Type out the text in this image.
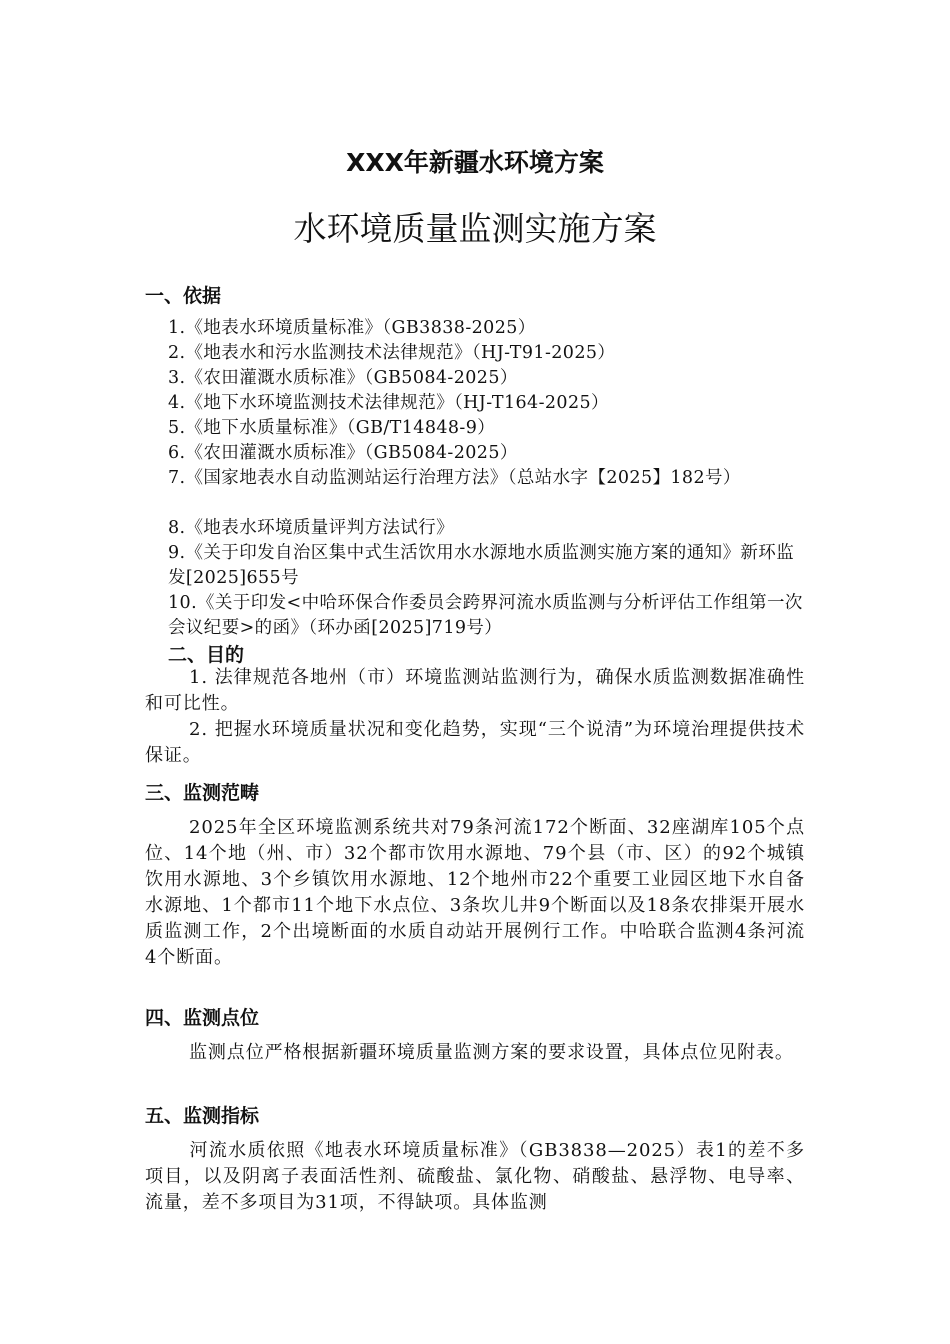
XXX年新疆水环境方案
水环境质量监测实施方案
一、依据
1.《地表水环境质量标准》（GB3838-2025）
2.《地表水和污水监测技术法律规范》（HJ-T91-2025）
3.《农田灌溉水质标准》（GB5084-2025）
4.《地下水环境监测技术法律规范》（HJ-T164-2025）
5.《地下水质量标准》（GB/T14848-9）
6.《农田灌溉水质标准》（GB5084-2025）
7.《国家地表水自动监测站运行治理方法》（总站水字【2025】182号）
8.《地表水环境质量评判方法试行》
9.《关于印发自治区集中式生活饮用水水源地水质监测实施方案的通知》新环监发[2025]655号
10.《关于印发<中哈环保合作委员会跨界河流水质监测与分析评估工作组第一次会议纪要>的函》（环办函[2025]719号）
二、目的
1. 法律规范各地州（市）环境监测站监测行为，确保水质监测数据准确性和可比性。
2. 把握水环境质量状况和变化趋势，实现“三个说清”为环境治理提供技术保证。
三、监测范畴
2025年全区环境监测系统共对79条河流172个断面、32座湖库105个点位、14个地（州、市）32个都市饮用水源地、79个县（市、区）的92个城镇饮用水源地、3个乡镇饮用水源地、12个地州市22个重要工业园区地下水自备水源地、1个都市11个地下水点位、3条坎儿井9个断面以及18条农排渠开展水质监测工作，2个出境断面的水质自动站开展例行工作。中哈联合监测4条河流4个断面。
四、监测点位
监测点位严格根据新疆环境质量监测方案的要求设置，具体点位见附表。
五、监测指标
河流水质依照《地表水环境质量标准》（GB3838—2025）表1的差不多项目，以及阴离子表面活性剂、硫酸盐、氯化物、硝酸盐、悬浮物、电导率、流量，差不多项目为31项，不得缺项。具体监测
